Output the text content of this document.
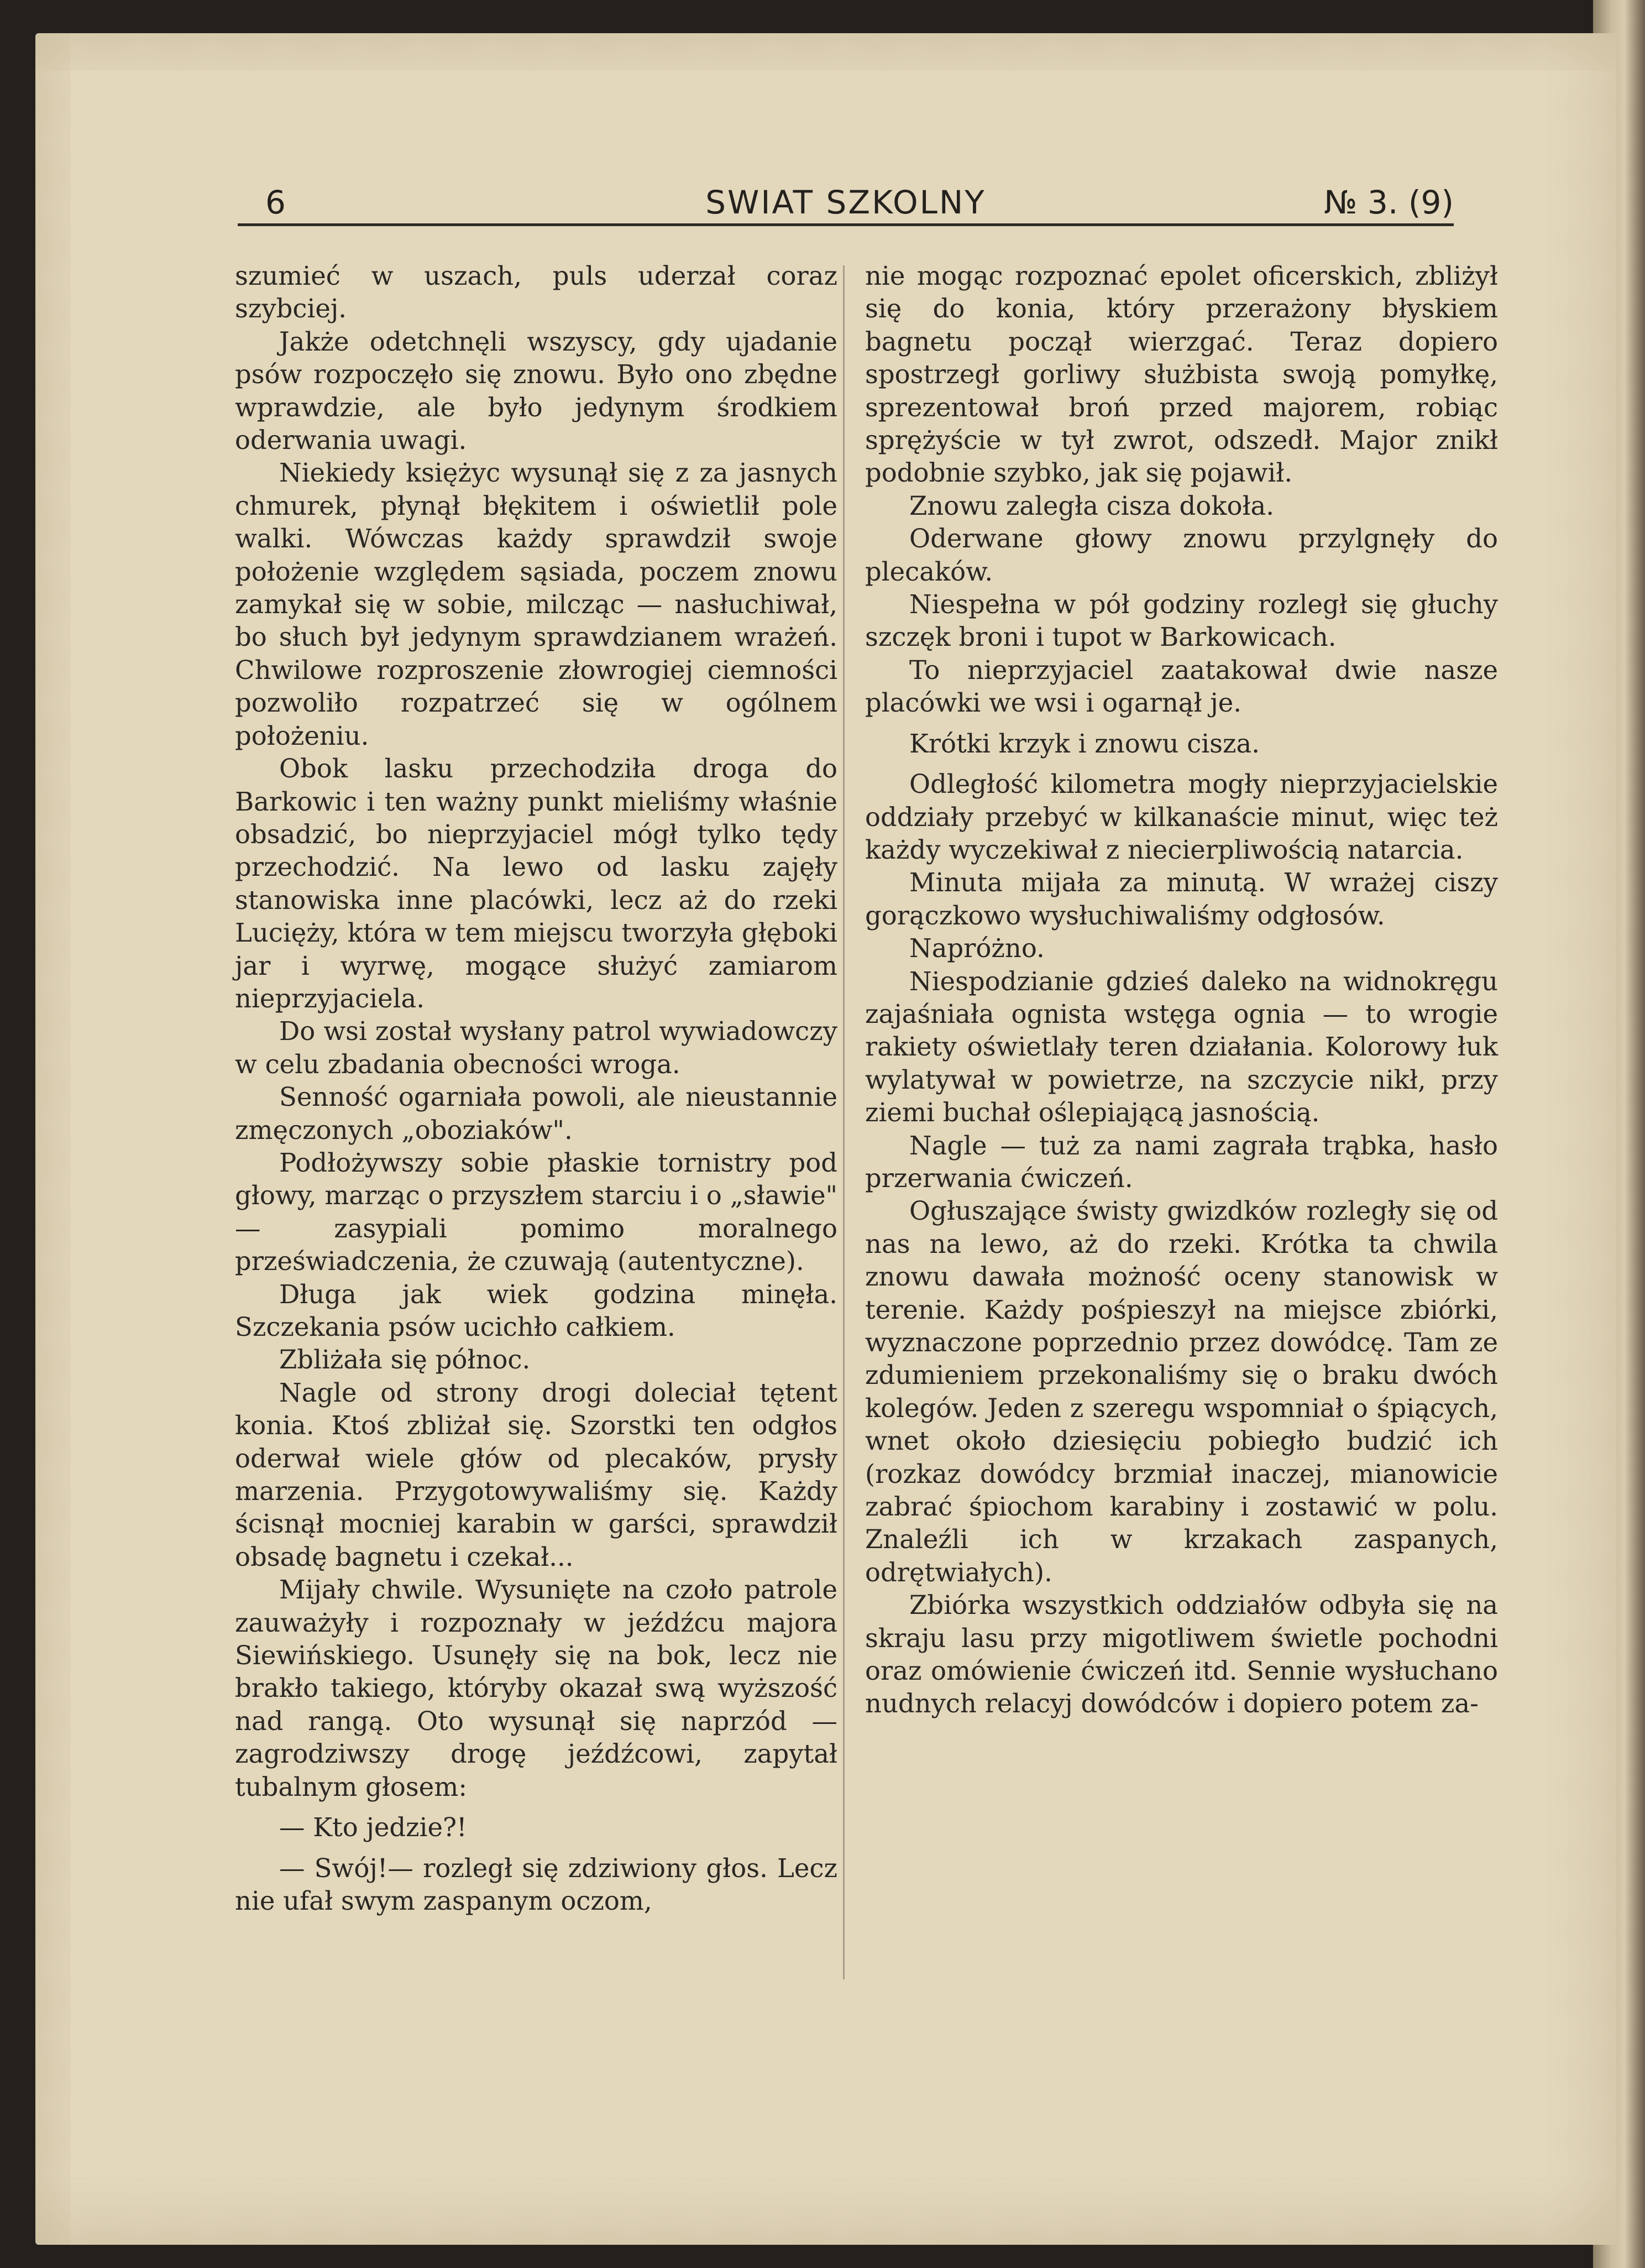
6	SWIAT SZKOLNY	№ 3. (9)

szumieć w uszach, puls uderzał coraz szybciej.

Jakże odetchnęli wszyscy, gdy ujadanie psów rozpoczęło się znowu. Było ono zbędne wprawdzie, ale było jedynym środkiem oderwania uwagi.

Niekiedy księżyc wysunął się z za jasnych chmurek, płynął błękitem i oświetlił pole walki. Wówczas każdy sprawdził swoje położenie względem sąsiada, poczem znowu zamykał się w sobie, milcząc — nasłuchiwał, bo słuch był jedynym sprawdzianem wrażeń. Chwilowe rozproszenie złowrogiej ciemności pozwoliło rozpatrzeć się w ogólnem położeniu.

Obok lasku przechodziła droga do Barkowic i ten ważny punkt mieliśmy właśnie obsadzić, bo nieprzyjaciel mógł tylko tędy przechodzić. Na lewo od lasku zajęły stanowiska inne placówki, lecz aż do rzeki Lucięży, która w tem miejscu tworzyła głęboki jar i wyrwę, mogące służyć zamiarom nieprzyjaciela.

Do wsi został wysłany patrol wywiadowczy w celu zbadania obecności wroga.

Senność ogarniała powoli, ale nieustannie zmęczonych „oboziaków".

Podłożywszy sobie płaskie tornistry pod głowy, marząc o przyszłem starciu i o „sławie" — zasypiali pomimo moralnego przeświadczenia, że czuwają (autentyczne).

Długa jak wiek godzina minęła. Szczekania psów ucichło całkiem.

Zbliżała się północ.

Nagle od strony drogi doleciał tętent konia. Ktoś zbliżał się. Szorstki ten odgłos oderwał wiele głów od plecaków, prysły marzenia. Przygotowywaliśmy się. Każdy ścisnął mocniej karabin w garści, sprawdził obsadę bagnetu i czekał...

Mijały chwile. Wysunięte na czoło patrole zauważyły i rozpoznały w jeźdźcu majora Siewińskiego. Usunęły się na bok, lecz nie brakło takiego, któryby okazał swą wyższość nad rangą. Oto wysunął się naprzód — zagrodziwszy drogę jeźdźcowi, zapytał tubalnym głosem:

— Kto jedzie?!

— Swój!— rozległ się zdziwiony głos. Lecz nie ufał swym zaspanym oczom,

nie mogąc rozpoznać epolet oficerskich, zbliżył się do konia, który przerażony błyskiem bagnetu począł wierzgać. Teraz dopiero spostrzegł gorliwy służbista swoją pomyłkę, sprezentował broń przed majorem, robiąc sprężyście w tył zwrot, odszedł. Major znikł podobnie szybko, jak się pojawił.

Znowu zaległa cisza dokoła.

Oderwane głowy znowu przylgnęły do plecaków.

Niespełna w pół godziny rozległ się głuchy szczęk broni i tupot w Barkowicach.

To nieprzyjaciel zaatakował dwie nasze placówki we wsi i ogarnął je.

Krótki krzyk i znowu cisza.

Odległość kilometra mogły nieprzyjacielskie oddziały przebyć w kilkanaście minut, więc też każdy wyczekiwał z niecierpliwością natarcia.

Minuta mijała za minutą. W wrażej ciszy gorączkowo wysłuchiwaliśmy odgłosów.

Napróżno.

Niespodzianie gdzieś daleko na widnokręgu zajaśniała ognista wstęga ognia — to wrogie rakiety oświetlały teren działania. Kolorowy łuk wylatywał w powietrze, na szczycie nikł, przy ziemi buchał oślepiającą jasnością.

Nagle — tuż za nami zagrała trąbka, hasło przerwania ćwiczeń.

Ogłuszające świsty gwizdków rozległy się od nas na lewo, aż do rzeki. Krótka ta chwila znowu dawała możność oceny stanowisk w terenie. Każdy pośpieszył na miejsce zbiórki, wyznaczone poprzednio przez dowódcę. Tam ze zdumieniem przekonaliśmy się o braku dwóch kolegów. Jeden z szeregu wspomniał o śpiących, wnet około dziesięciu pobiegło budzić ich (rozkaz dowódcy brzmiał inaczej, mianowicie zabrać śpiochom karabiny i zostawić w polu. Znaleźli ich w krzakach zaspanych, odrętwiałych).

Zbiórka wszystkich oddziałów odbyła się na skraju lasu przy migotliwem świetle pochodni oraz omówienie ćwiczeń itd. Sennie wysłuchano nudnych relacyj dowódców i dopiero potem za-
